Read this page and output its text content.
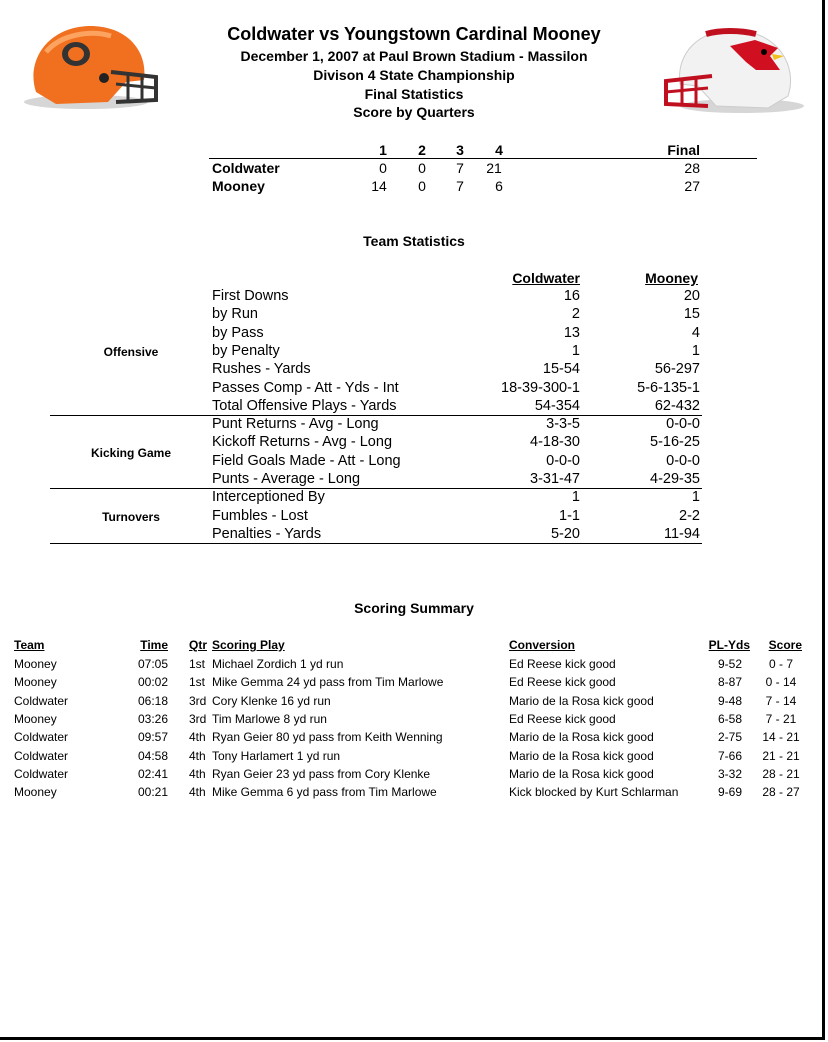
Coldwater vs Youngstown Cardinal Mooney
December 1, 2007 at Paul Brown Stadium - Massilon
Divison 4 State Championship
Final Statistics
Score by Quarters
1	2	3	4	Final
Coldwater	0	0	7	21	28
Mooney	14	0	7	6	27
Team Statistics
Coldwater	Mooney
First Downs	16	20
by Run	2	15
by Pass	13	4
by Penalty	1	1
Rushes - Yards	15-54	56-297
Passes Comp - Att - Yds - Int	18-39-300-1	5-6-135-1
Total Offensive Plays - Yards	54-354	62-432
Offensive
Punt Returns - Avg - Long	3-3-5	0-0-0
Kickoff Returns - Avg - Long	4-18-30	5-16-25
Field Goals Made - Att - Long	0-0-0	0-0-0
Punts - Average - Long	3-31-47	4-29-35
Kicking Game
Interceptioned By	1	1
Fumbles - Lost	1-1	2-2
Penalties - Yards	5-20	11-94
Turnovers
Scoring Summary
Team	Time Qtr Scoring Play	Conversion	PL-Yds	Score
Mooney	07:05 1st Michael Zordich 1 yd run	Ed Reese kick good	9-52	0 - 7
Mooney	00:02 1st Mike Gemma 24 yd pass from Tim Marlowe	Ed Reese kick good	8-87	0 - 14
Coldwater	06:18 3rd Cory Klenke 16 yd run	Mario de la Rosa kick good	9-48	7 - 14
Mooney	03:26 3rd Tim Marlowe 8 yd run	Ed Reese kick good	6-58	7 - 21
Coldwater	09:57 4th Ryan Geier 80 yd pass from Keith Wenning	Mario de la Rosa kick good	2-75 14 - 21
Coldwater	04:58 4th Tony Harlamert 1 yd run	Mario de la Rosa kick good	7-66 21 - 21
Coldwater	02:41 4th Ryan Geier 23 yd pass from Cory Klenke	Mario de la Rosa kick good	3-32 28 - 21
Mooney	00:21 4th Mike Gemma 6 yd pass from Tim Marlowe	Kick blocked by Kurt Schlarman	9-69 28 - 27
